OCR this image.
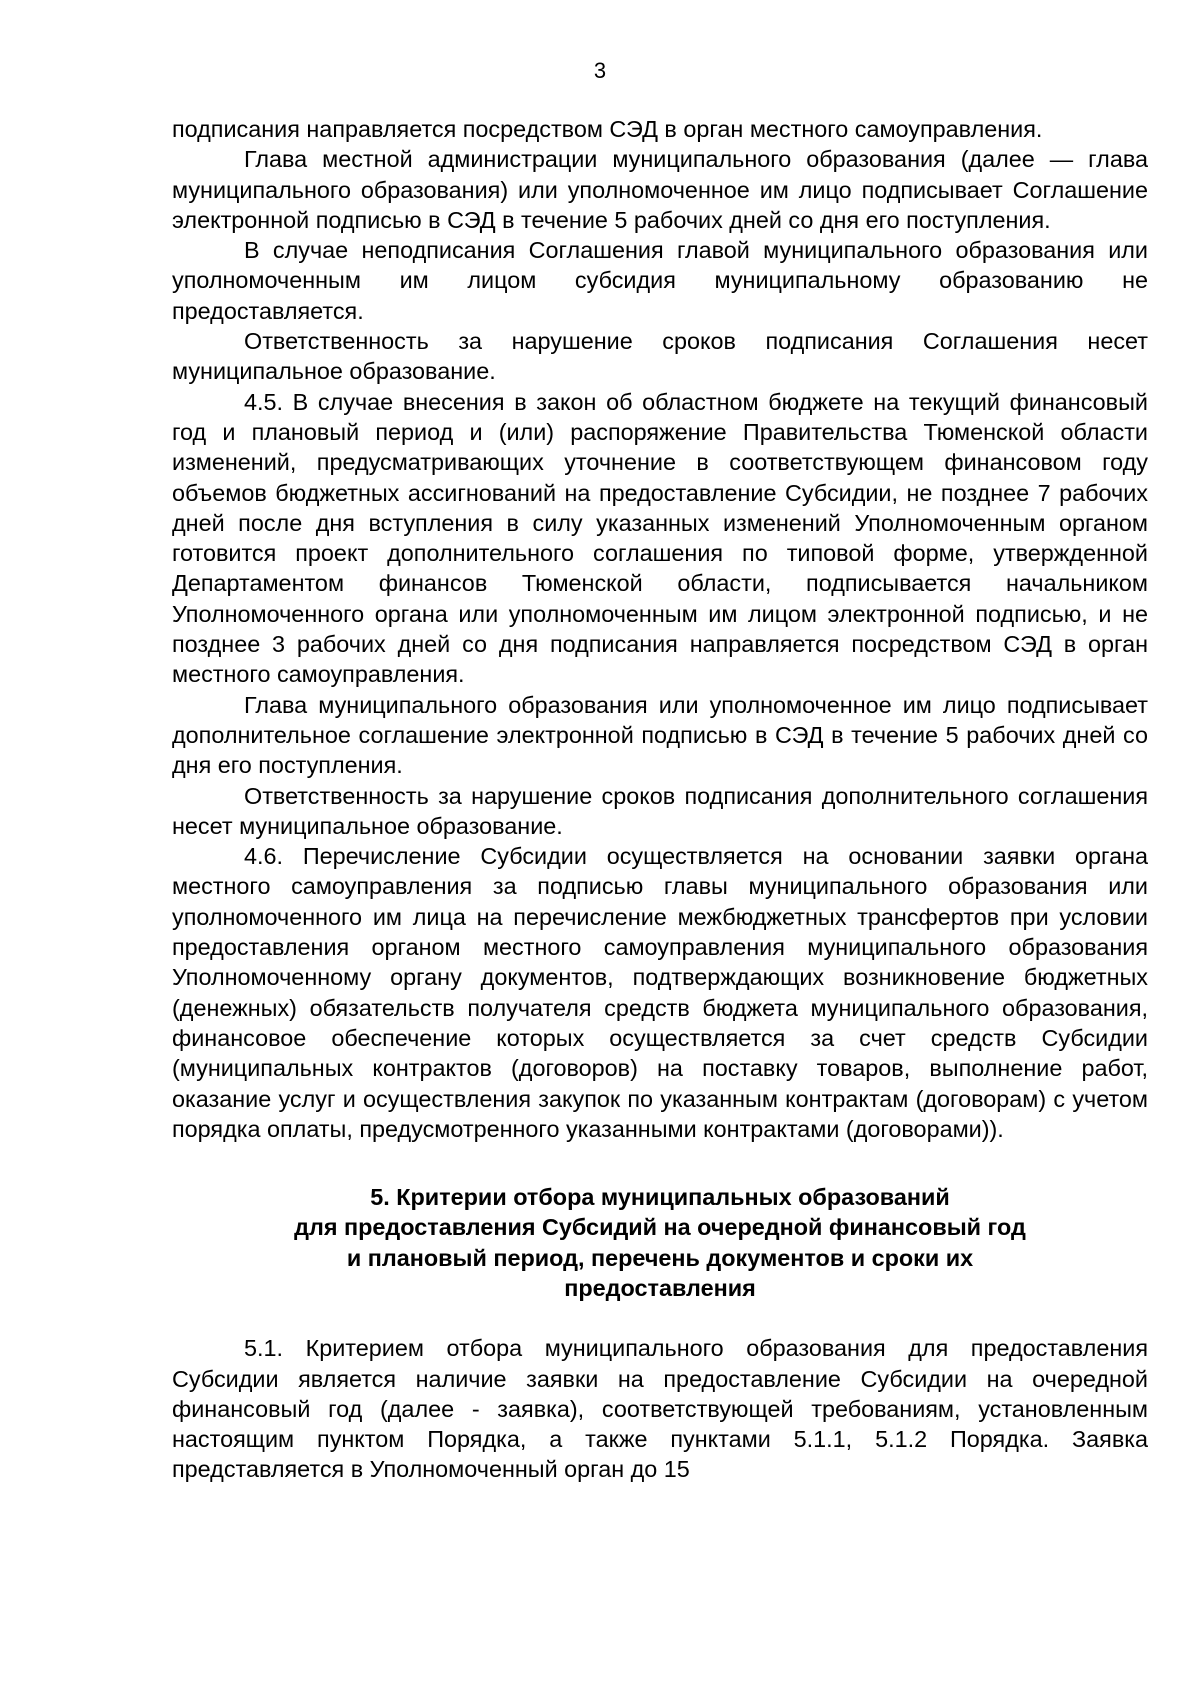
3

подписания направляется посредством СЭД в орган местного самоуправления.

Глава местной администрации муниципального образования (далее — глава муниципального образования) или уполномоченное им лицо подписывает Соглашение электронной подписью в СЭД в течение 5 рабочих дней со дня его поступления.

В случае неподписания Соглашения главой муниципального образования или уполномоченным им лицом субсидия муниципальному образованию не предоставляется.

Ответственность за нарушение сроков подписания Соглашения несет муниципальное образование.

4.5. В случае внесения в закон об областном бюджете на текущий финансовый год и плановый период и (или) распоряжение Правительства Тюменской области изменений, предусматривающих уточнение в соответствующем финансовом году объемов бюджетных ассигнований на предоставление Субсидии, не позднее 7 рабочих дней после дня вступления в силу указанных изменений Уполномоченным органом готовится проект дополнительного соглашения по типовой форме, утвержденной Департаментом финансов Тюменской области, подписывается начальником Уполномоченного органа или уполномоченным им лицом электронной подписью, и не позднее 3 рабочих дней со дня подписания направляется посредством СЭД в орган местного самоуправления.

Глава муниципального образования или уполномоченное им лицо подписывает дополнительное соглашение электронной подписью в СЭД в течение 5 рабочих дней со дня его поступления.

Ответственность за нарушение сроков подписания дополнительного соглашения несет муниципальное образование.

4.6. Перечисление Субсидии осуществляется на основании заявки органа местного самоуправления за подписью главы муниципального образования или уполномоченного им лица на перечисление межбюджетных трансфертов при условии предоставления органом местного самоуправления муниципального образования Уполномоченному органу документов, подтверждающих возникновение бюджетных (денежных) обязательств получателя средств бюджета муниципального образования, финансовое обеспечение которых осуществляется за счет средств Субсидии (муниципальных контрактов (договоров) на поставку товаров, выполнение работ, оказание услуг и осуществления закупок по указанным контрактам (договорам) с учетом порядка оплаты, предусмотренного указанными контрактами (договорами)).

5. Критерии отбора муниципальных образований
для предоставления Субсидий на очередной финансовый год
и плановый период, перечень документов и сроки их
предоставления

5.1. Критерием отбора муниципального образования для предоставления Субсидии является наличие заявки на предоставление Субсидии на очередной финансовый год (далее - заявка), соответствующей требованиям, установленным настоящим пунктом Порядка, а также пунктами 5.1.1, 5.1.2 Порядка. Заявка представляется в Уполномоченный орган до 15
